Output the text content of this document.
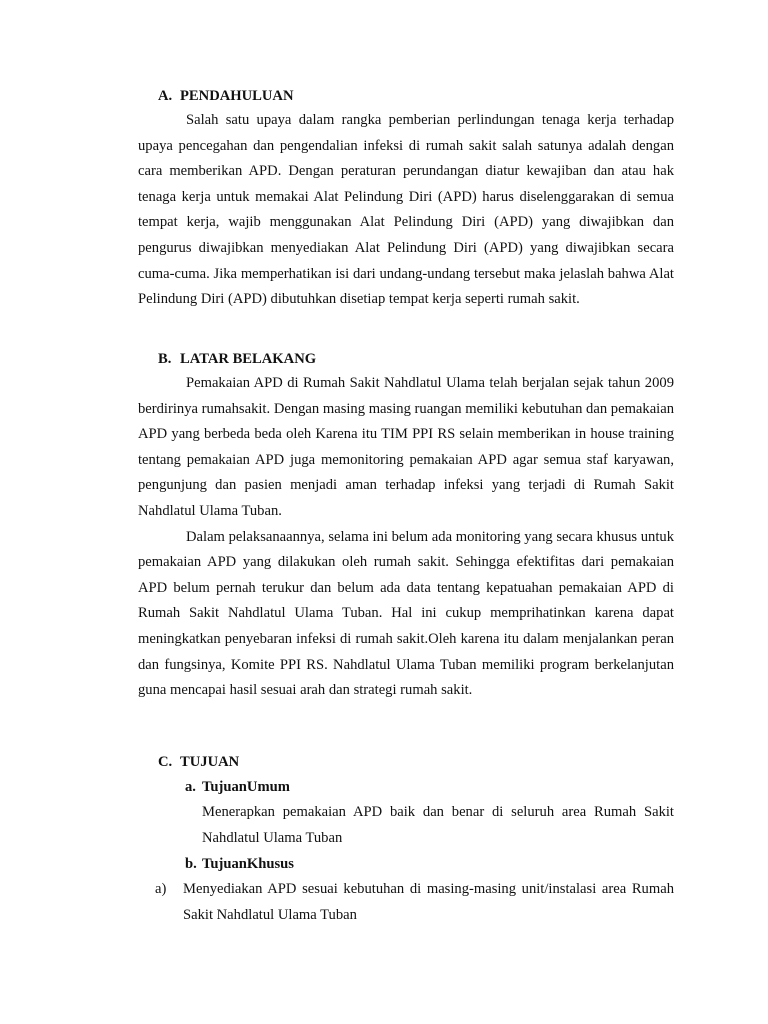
A. PENDAHULUAN

Salah satu upaya dalam rangka pemberian perlindungan tenaga kerja terhadap upaya pencegahan dan pengendalian infeksi di rumah sakit salah satunya adalah dengan cara memberikan APD. Dengan peraturan perundangan diatur kewajiban dan atau hak tenaga kerja untuk memakai Alat Pelindung Diri (APD) harus diselenggarakan di semua tempat kerja, wajib menggunakan Alat Pelindung Diri (APD) yang diwajibkan dan pengurus diwajibkan menyediakan Alat Pelindung Diri (APD) yang diwajibkan secara cuma-cuma. Jika memperhatikan isi dari undang-undang tersebut maka jelaslah bahwa Alat Pelindung Diri (APD) dibutuhkan disetiap tempat kerja seperti rumah sakit.

B. LATAR BELAKANG

Pemakaian APD di Rumah Sakit Nahdlatul Ulama telah berjalan sejak tahun 2009 berdirinya rumahsakit. Dengan masing masing ruangan memiliki kebutuhan dan pemakaian APD yang berbeda beda oleh Karena itu TIM PPI RS selain memberikan in house training tentang pemakaian APD juga memonitoring pemakaian APD agar semua staf karyawan, pengunjung dan pasien menjadi aman terhadap infeksi yang terjadi di Rumah Sakit Nahdlatul Ulama Tuban.

Dalam pelaksanaannya, selama ini belum ada monitoring yang secara khusus untuk pemakaian APD yang dilakukan oleh rumah sakit. Sehingga efektifitas dari pemakaian APD belum pernah terukur dan belum ada data tentang kepatuahan pemakaian APD di Rumah Sakit Nahdlatul Ulama Tuban. Hal ini cukup memprihatinkan karena dapat meningkatkan penyebaran infeksi di rumah sakit.Oleh karena itu dalam menjalankan peran dan fungsinya, Komite PPI RS. Nahdlatul Ulama Tuban memiliki program berkelanjutan guna mencapai hasil sesuai arah dan strategi rumah sakit.

C. TUJUAN
a. TujuanUmum

Menerapkan pemakaian APD baik dan benar di seluruh area Rumah Sakit Nahdlatul Ulama Tuban

b. TujuanKhusus
a) Menyediakan APD sesuai kebutuhan di masing-masing unit/instalasi area Rumah Sakit Nahdlatul Ulama Tuban
